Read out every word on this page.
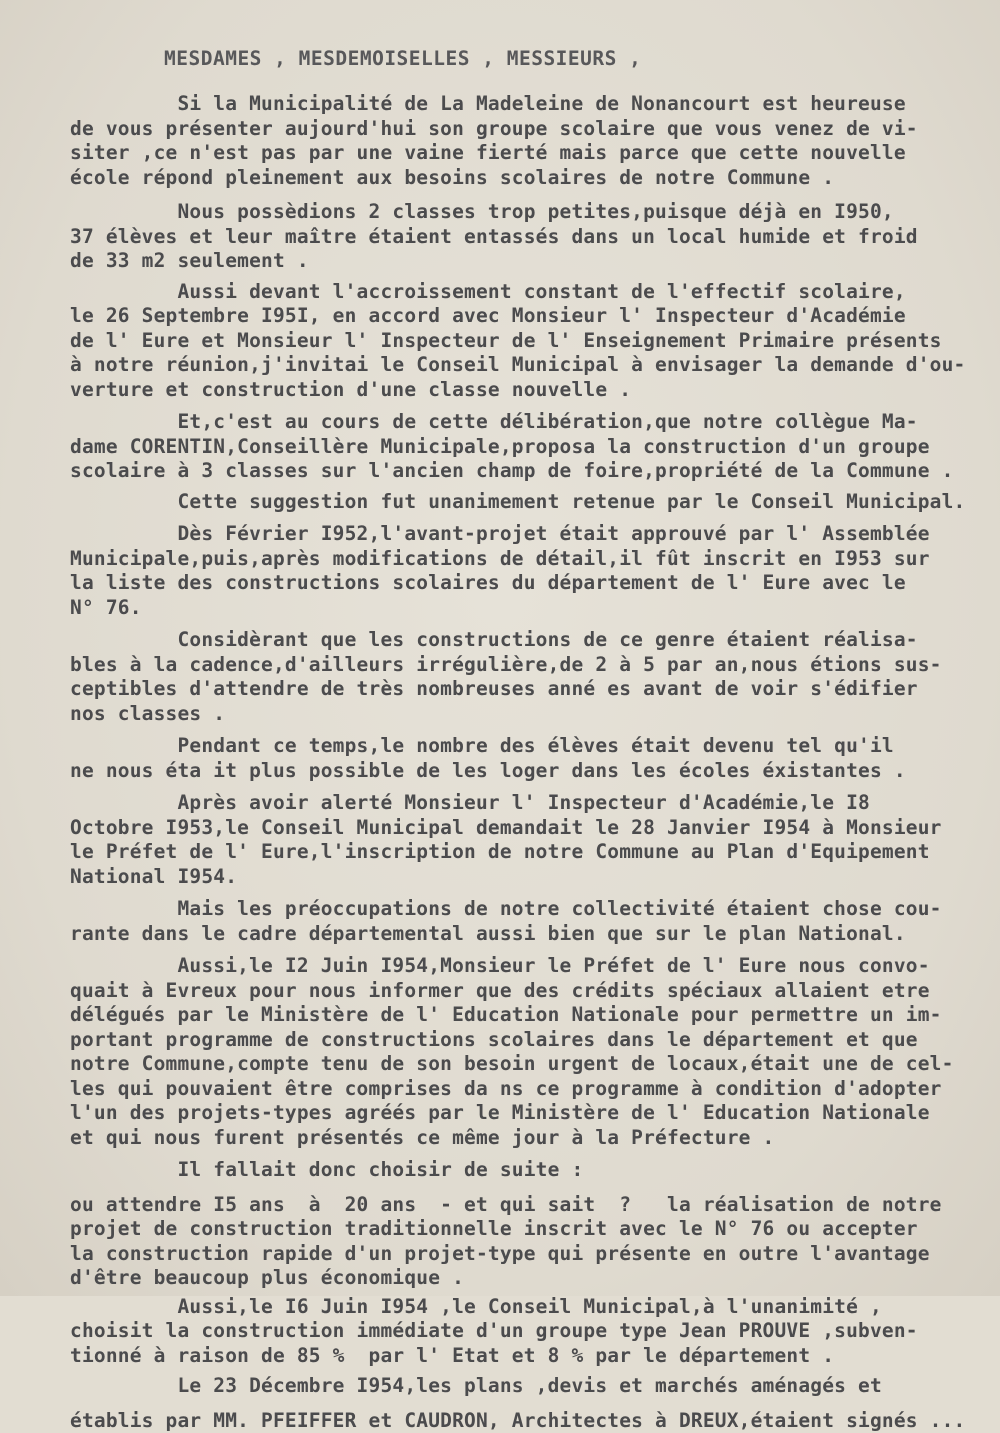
MESDAMES , MESDEMOISELLES , MESSIEURS ,
Si la Municipalité de La Madeleine de Nonancourt est heureuse
de vous présenter aujourd'hui son groupe scolaire que vous venez de vi-
siter ,ce n'est pas par une vaine fierté mais parce que cette nouvelle
école répond pleinement aux besoins scolaires de notre Commune .
Nous possèdions 2 classes trop petites,puisque déjà en I950,
37 élèves et leur maître étaient entassés dans un local humide et froid
de 33 m2 seulement .
Aussi devant l'accroissement constant de l'effectif scolaire,
le 26 Septembre I95I, en accord avec Monsieur l' Inspecteur d'Académie
de l' Eure et Monsieur l' Inspecteur de l' Enseignement Primaire présents
à notre réunion,j'invitai le Conseil Municipal à envisager la demande d'ou-
verture et construction d'une classe nouvelle .
Et,c'est au cours de cette délibération,que notre collègue Ma-
dame CORENTIN,Conseillère Municipale,proposa la construction d'un groupe
scolaire à 3 classes sur l'ancien champ de foire,propriété de la Commune .
Cette suggestion fut unanimement retenue par le Conseil Municipal.
Dès Février I952,l'avant-projet était approuvé par l' Assemblée
Municipale,puis,après modifications de détail,il fût inscrit en I953 sur
la liste des constructions scolaires du département de l' Eure avec le
N° 76.
Considèrant que les constructions de ce genre étaient réalisa-
bles à la cadence,d'ailleurs irrégulière,de 2 à 5 par an,nous étions sus-
ceptibles d'attendre de très nombreuses anné es avant de voir s'édifier
nos classes .
Pendant ce temps,le nombre des élèves était devenu tel qu'il
ne nous éta it plus possible de les loger dans les écoles éxistantes .
Après avoir alerté Monsieur l' Inspecteur d'Académie,le I8
Octobre I953,le Conseil Municipal demandait le 28 Janvier I954 à Monsieur
le Préfet de l' Eure,l'inscription de notre Commune au Plan d'Equipement
National I954.
Mais les préoccupations de notre collectivité étaient chose cou-
rante dans le cadre départemental aussi bien que sur le plan National.
Aussi,le I2 Juin I954,Monsieur le Préfet de l' Eure nous convo-
quait à Evreux pour nous informer que des crédits spéciaux allaient etre
délégués par le Ministère de l' Education Nationale pour permettre un im-
portant programme de constructions scolaires dans le département et que
notre Commune,compte tenu de son besoin urgent de locaux,était une de cel-
les qui pouvaient être comprises da ns ce programme à condition d'adopter
l'un des projets-types agréés par le Ministère de l' Education Nationale
et qui nous furent présentés ce même jour à la Préfecture .
Il fallait donc choisir de suite :
ou attendre I5 ans  à  20 ans  - et qui sait  ?   la réalisation de notre
projet de construction traditionnelle inscrit avec le N° 76 ou accepter
la construction rapide d'un projet-type qui présente en outre l'avantage
d'être beaucoup plus économique .
Aussi,le I6 Juin I954 ,le Conseil Municipal,à l'unanimité ,
choisit la construction immédiate d'un groupe type Jean PROUVE ,subven-
tionné à raison de 85 %  par l' Etat et 8 % par le département .
Le 23 Décembre I954,les plans ,devis et marchés aménagés et
établis par MM. PFEIFFER et CAUDRON, Architectes à DREUX,étaient signés ...
